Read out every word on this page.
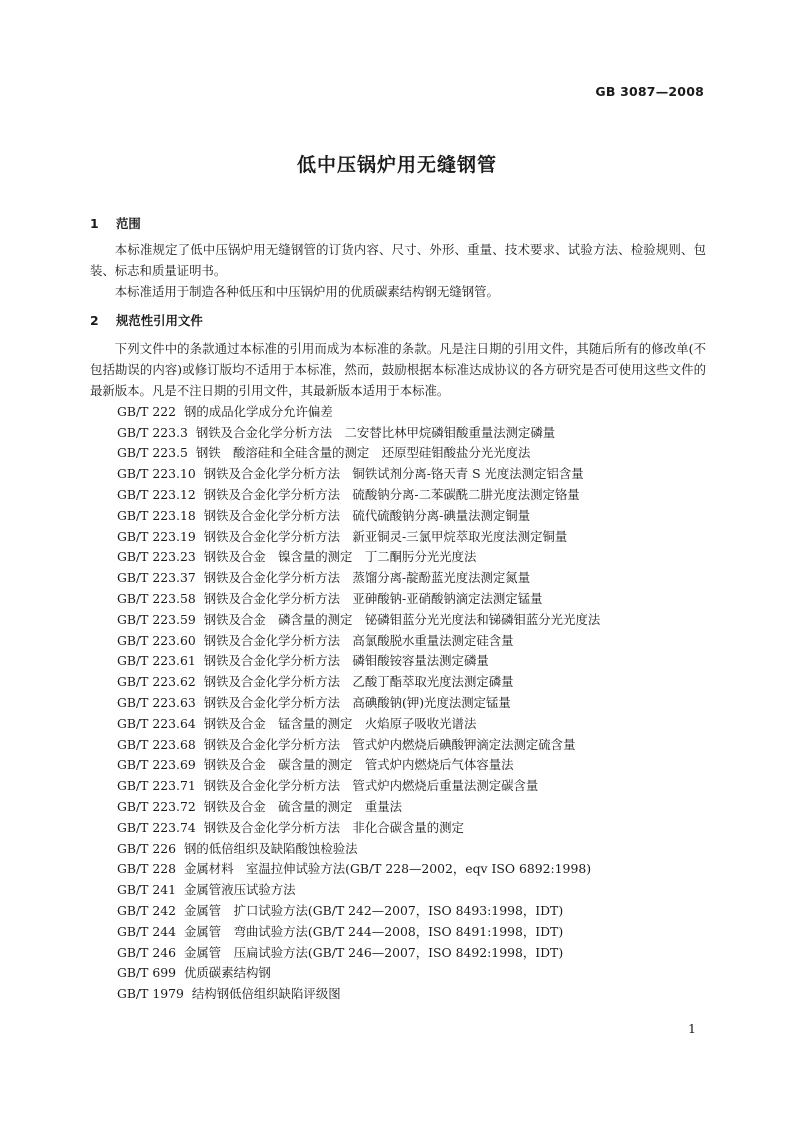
GB 3087—2008
低中压锅炉用无缝钢管
1 范围

本标准规定了低中压锅炉用无缝钢管的订货内容、尺寸、外形、重量、技术要求、试验方法、检验规则、包装、标志和质量证明书。

本标准适用于制造各种低压和中压锅炉用的优质碳素结构钢无缝钢管。

2 规范性引用文件

下列文件中的条款通过本标准的引用而成为本标准的条款。凡是注日期的引用文件，其随后所有的修改单(不包括勘误的内容)或修订版均不适用于本标准，然而，鼓励根据本标准达成协议的各方研究是否可使用这些文件的最新版本。凡是不注日期的引用文件，其最新版本适用于本标准。

GB/T 222 钢的成品化学成分允许偏差
GB/T 223.3 钢铁及合金化学分析方法　二安替比林甲烷磷钼酸重量法测定磷量
GB/T 223.5 钢铁　酸溶硅和全硅含量的测定　还原型硅钼酸盐分光光度法
GB/T 223.10 钢铁及合金化学分析方法　铜铁试剂分离-铬天青 S 光度法测定铝含量
GB/T 223.12 钢铁及合金化学分析方法　硫酸钠分离-二苯碳酰二肼光度法测定铬量
GB/T 223.18 钢铁及合金化学分析方法　硫代硫酸钠分离-碘量法测定铜量
GB/T 223.19 钢铁及合金化学分析方法　新亚铜灵-三氯甲烷萃取光度法测定铜量
GB/T 223.23 钢铁及合金　镍含量的测定　丁二酮肟分光光度法
GB/T 223.37 钢铁及合金化学分析方法　蒸馏分离-靛酚蓝光度法测定氮量
GB/T 223.58 钢铁及合金化学分析方法　亚砷酸钠-亚硝酸钠滴定法测定锰量
GB/T 223.59 钢铁及合金　磷含量的测定　铋磷钼蓝分光光度法和锑磷钼蓝分光光度法
GB/T 223.60 钢铁及合金化学分析方法　高氯酸脱水重量法测定硅含量
GB/T 223.61 钢铁及合金化学分析方法　磷钼酸铵容量法测定磷量
GB/T 223.62 钢铁及合金化学分析方法　乙酸丁酯萃取光度法测定磷量
GB/T 223.63 钢铁及合金化学分析方法　高碘酸钠(钾)光度法测定锰量
GB/T 223.64 钢铁及合金　锰含量的测定　火焰原子吸收光谱法
GB/T 223.68 钢铁及合金化学分析方法　管式炉内燃烧后碘酸钾滴定法测定硫含量
GB/T 223.69 钢铁及合金　碳含量的测定　管式炉内燃烧后气体容量法
GB/T 223.71 钢铁及合金化学分析方法　管式炉内燃烧后重量法测定碳含量
GB/T 223.72 钢铁及合金　硫含量的测定　重量法
GB/T 223.74 钢铁及合金化学分析方法　非化合碳含量的测定
GB/T 226 钢的低倍组织及缺陷酸蚀检验法
GB/T 228 金属材料　室温拉伸试验方法(GB/T 228—2002，eqv ISO 6892:1998)
GB/T 241 金属管液压试验方法
GB/T 242 金属管　扩口试验方法(GB/T 242—2007，ISO 8493:1998，IDT)
GB/T 244 金属管　弯曲试验方法(GB/T 244—2008，ISO 8491:1998，IDT)
GB/T 246 金属管　压扁试验方法(GB/T 246—2007，ISO 8492:1998，IDT)
GB/T 699 优质碳素结构钢
GB/T 1979 结构钢低倍组织缺陷评级图
1
